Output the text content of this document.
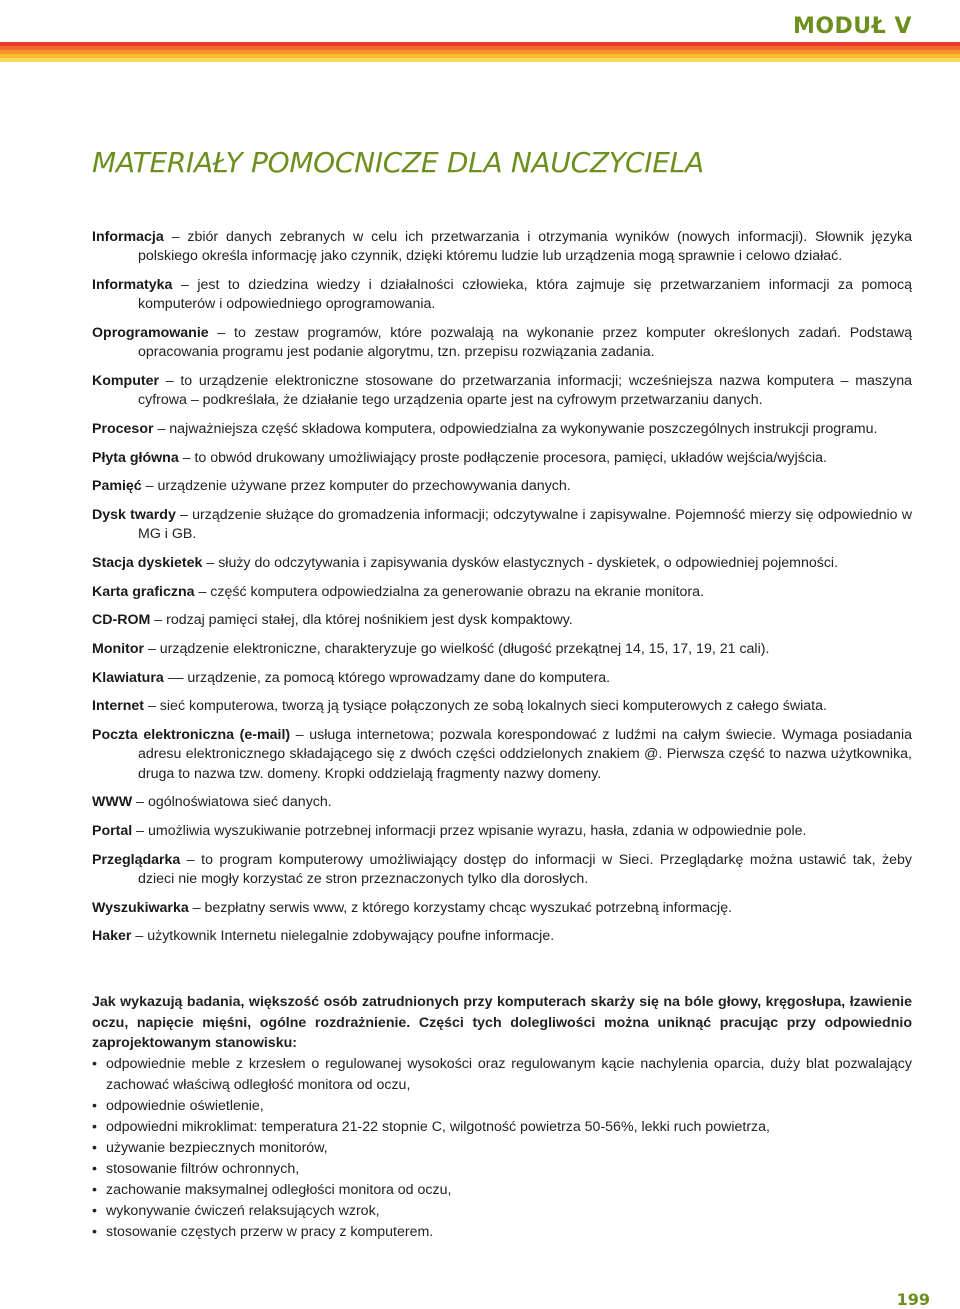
MODUŁ V
MATERIAŁY POMOCNICZE DLA NAUCZYCIELA

Informacja – zbiór danych zebranych w celu ich przetwarzania i otrzymania wyników (nowych informacji). Słownik języka polskiego określa informację jako czynnik, dzięki któremu ludzie lub urządzenia mogą sprawnie i celowo działać.

Informatyka – jest to dziedzina wiedzy i działalności człowieka, która zajmuje się przetwarzaniem informacji za pomocą komputerów i odpowiedniego oprogramowania.

Oprogramowanie – to zestaw programów, które pozwalają na wykonanie przez komputer określonych zadań. Podstawą opracowania programu jest podanie algorytmu, tzn. przepisu rozwiązania zadania.

Komputer – to urządzenie elektroniczne stosowane do przetwarzania informacji; wcześniejsza nazwa komputera – maszyna cyfrowa – podkreślała, że działanie tego urządzenia oparte jest na cyfrowym przetwarzaniu danych.

Procesor – najważniejsza część składowa komputera, odpowiedzialna za wykonywanie poszczególnych instrukcji programu.

Płyta główna – to obwód drukowany umożliwiający proste podłączenie procesora, pamięci, układów wejścia/wyjścia.

Pamięć – urządzenie używane przez komputer do przechowywania danych.

Dysk twardy – urządzenie służące do gromadzenia informacji; odczytywalne i zapisywalne. Pojemność mierzy się odpowiednio w MG i GB.

Stacja dyskietek – służy do odczytywania i zapisywania dysków elastycznych - dyskietek, o odpowiedniej pojemności.

Karta graficzna – część komputera odpowiedzialna za generowanie obrazu na ekranie monitora.

CD-ROM – rodzaj pamięci stałej, dla której nośnikiem jest dysk kompaktowy.

Monitor – urządzenie elektroniczne, charakteryzuje go wielkość (długość przekątnej 14, 15, 17, 19, 21 cali).

Klawiatura –– urządzenie, za pomocą którego wprowadzamy dane do komputera.

Internet – sieć komputerowa, tworzą ją tysiące połączonych ze sobą lokalnych sieci komputerowych z całego świata.

Poczta elektroniczna (e-mail) – usługa internetowa; pozwala korespondować z ludźmi na całym świecie. Wymaga posiadania adresu elektronicznego składającego się z dwóch części oddzielonych znakiem @. Pierwsza część to nazwa użytkownika, druga to nazwa tzw. domeny. Kropki oddzielają fragmenty nazwy domeny.

WWW – ogólnoświatowa sieć danych.

Portal – umożliwia wyszukiwanie potrzebnej informacji przez wpisanie wyrazu, hasła, zdania w odpowiednie pole.

Przeglądarka – to program komputerowy umożliwiający dostęp do informacji w Sieci. Przeglądarkę można ustawić tak, żeby dzieci nie mogły korzystać ze stron przeznaczonych tylko dla dorosłych.

Wyszukiwarka – bezpłatny serwis www, z którego korzystamy chcąc wyszukać potrzebną informację.

Haker – użytkownik Internetu nielegalnie zdobywający poufne informacje.

Jak wykazują badania, większość osób zatrudnionych przy komputerach skarży się na bóle głowy, kręgosłupa, łzawienie oczu, napięcie mięśni, ogólne rozdrażnienie. Części tych dolegliwości można uniknąć pracując przy odpowiednio zaprojektowanym stanowisku:

• odpowiednie meble z krzesłem o regulowanej wysokości oraz regulowanym kącie nachylenia oparcia, duży blat pozwalający zachować właściwą odległość monitora od oczu,
• odpowiednie oświetlenie,
• odpowiedni mikroklimat: temperatura 21-22 stopnie C, wilgotność powietrza 50-56%, lekki ruch powietrza,
• używanie bezpiecznych monitorów,
• stosowanie filtrów ochronnych,
• zachowanie maksymalnej odległości monitora od oczu,
• wykonywanie ćwiczeń relaksujących wzrok,
• stosowanie częstych przerw w pracy z komputerem.
199
